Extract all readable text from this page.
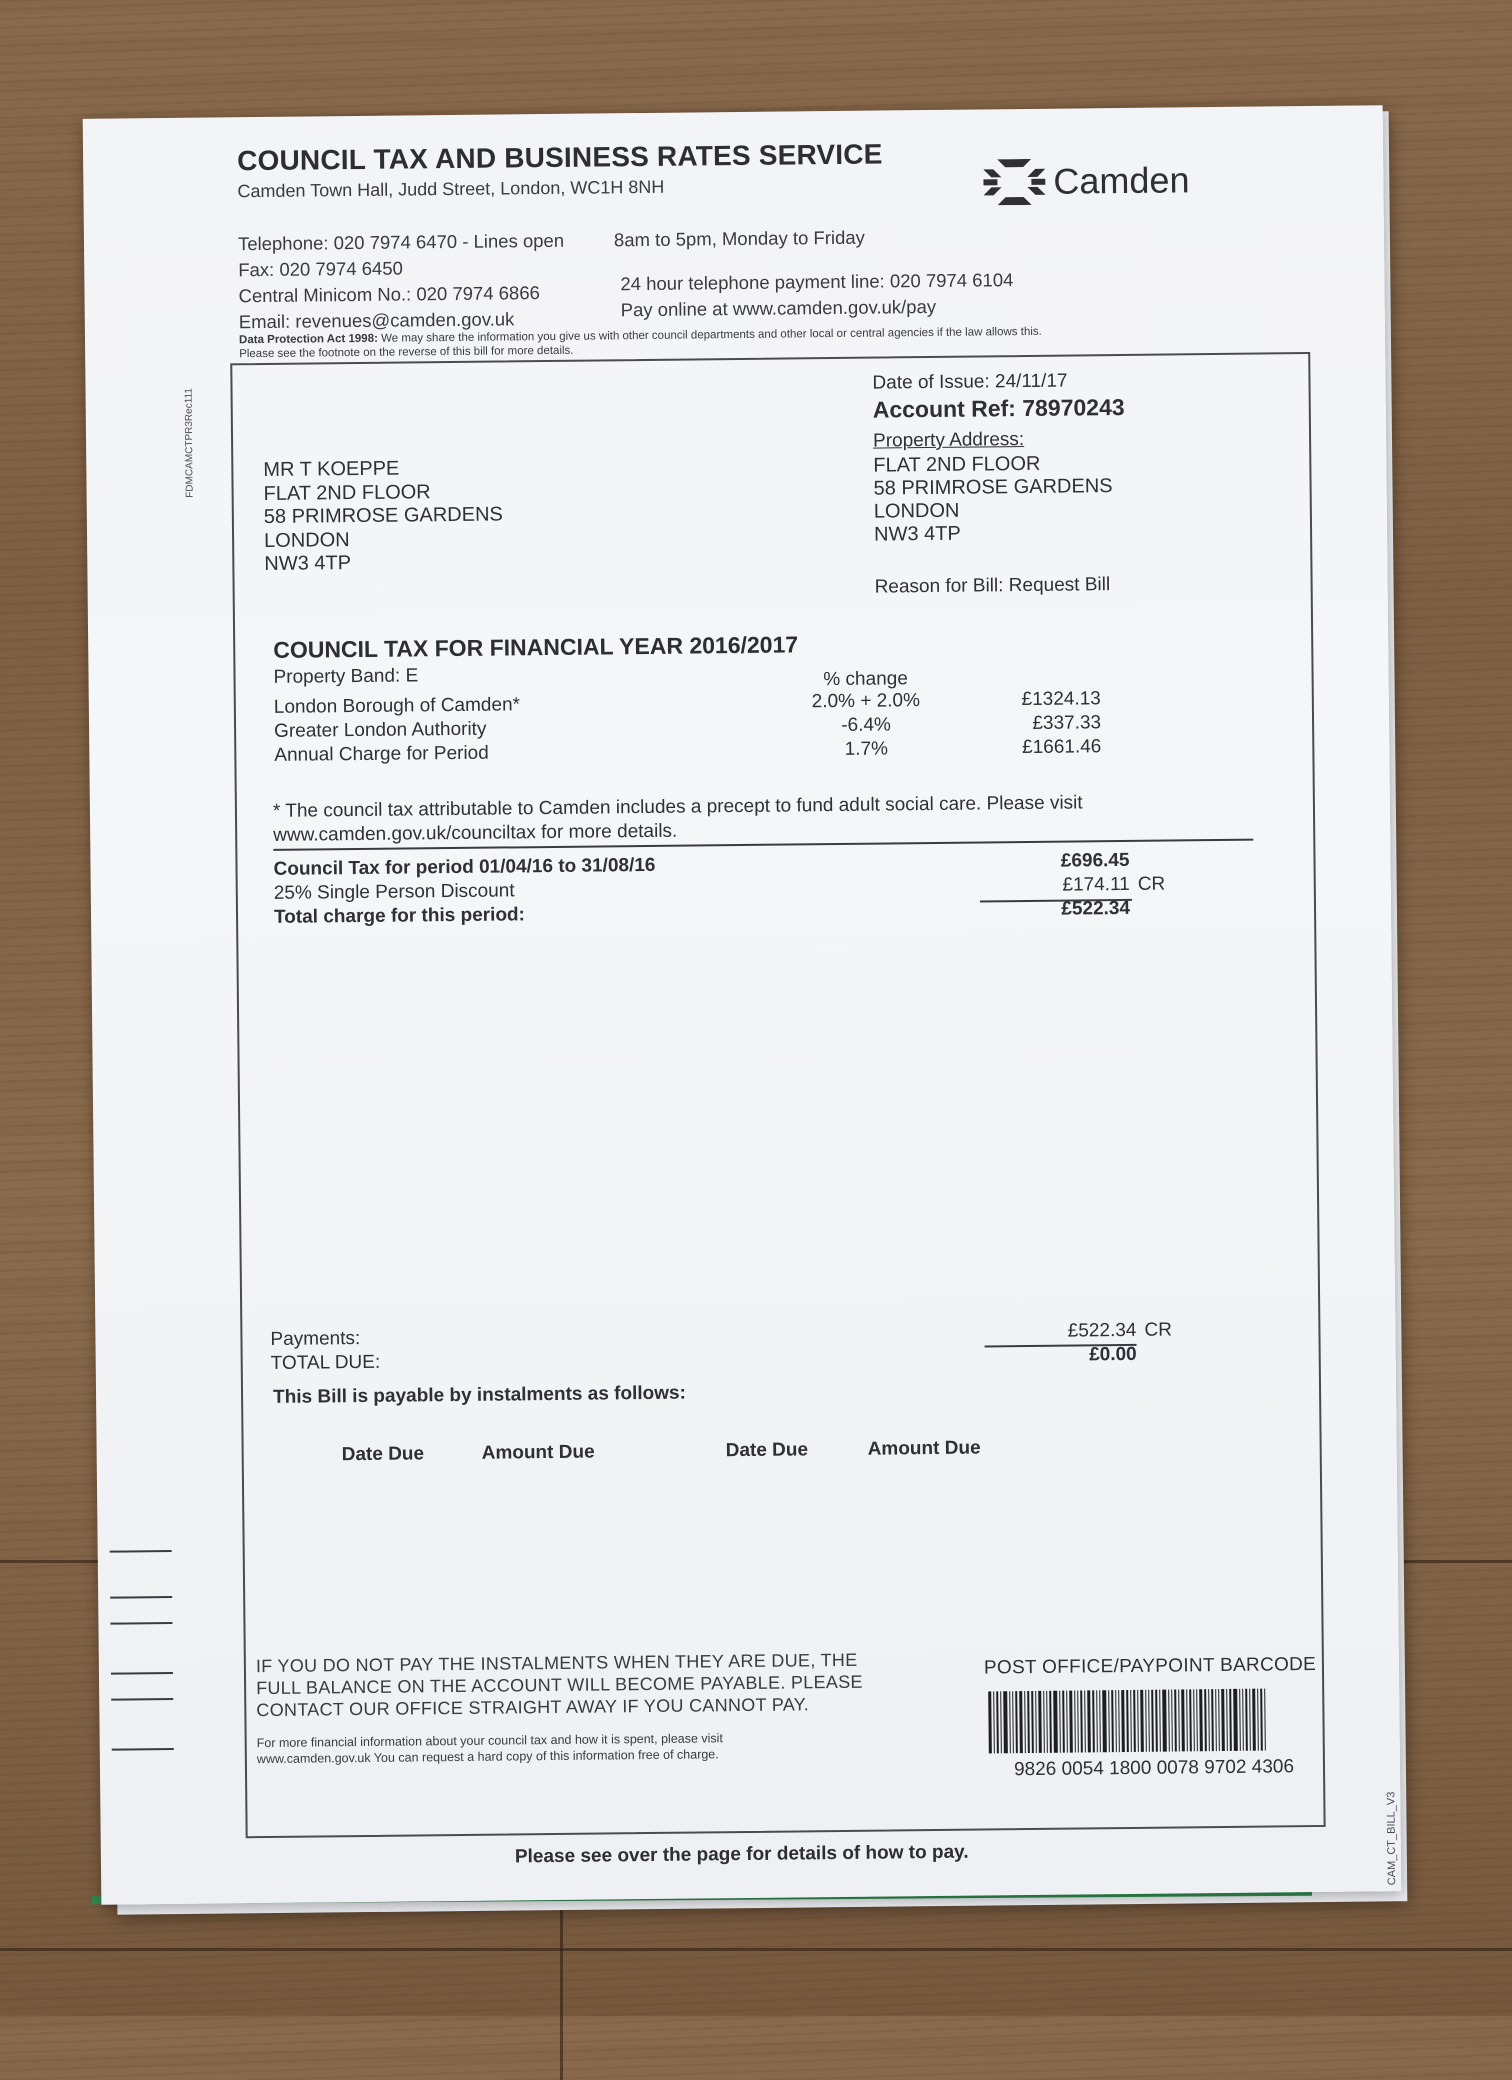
COUNCIL TAX AND BUSINESS RATES SERVICE
Camden Town Hall, Judd Street, London, WC1H 8NH	Camden
Telephone: 020 7974 6470 - Lines open	8am to 5pm, Monday to Friday
Fax: 020 7974 6450
Central Minicom No.: 020 7974 6866	24 hour telephone payment line: 020 7974 6104
Email: revenues@camden.gov.uk
Pay online at www.camden.gov.uk/pay
Data Protection Act 1998: We may share the information you give us with other council departments and other local or central agencies if the law allows this.
Please see the footnote on the reverse of this bill for more details.
FDMCAMCTPR3Rec111
Date of Issue: 24/11/17
Account Ref: 78970243
Property Address:
FLAT 2ND FLOOR
58 PRIMROSE GARDENS
LONDON
NW3 4TP
Reason for Bill: Request Bill
MR T KOEPPE
FLAT 2ND FLOOR
58 PRIMROSE GARDENS
LONDON
NW3 4TP
COUNCIL TAX FOR FINANCIAL YEAR 2016/2017
Property Band: E	% change
London Borough of Camden*	2.0% + 2.0%	£1324.13
Greater London Authority	-6.4%	£337.33
Annual Charge for Period	1.7%	£1661.46
* The council tax attributable to Camden includes a precept to fund adult social care. Please visit
www.camden.gov.uk/counciltax for more details.
Council Tax for period 01/04/16 to 31/08/16	£696.45
25% Single Person Discount	£174.11 CR
Total charge for this period:	£522.34
Payments:	£522.34 CR
TOTAL DUE:	£0.00
This Bill is payable by instalments as follows:
Date Due	Amount Due	Date Due	Amount Due
IF YOU DO NOT PAY THE INSTALMENTS WHEN THEY ARE DUE, THE
FULL BALANCE ON THE ACCOUNT WILL BECOME PAYABLE. PLEASE
CONTACT OUR OFFICE STRAIGHT AWAY IF YOU CANNOT PAY.
For more financial information about your council tax and how it is spent, please visit
www.camden.gov.uk You can request a hard copy of this information free of charge.
POST OFFICE/PAYPOINT BARCODE
9826 0054 1800 0078 9702 4306
CAM_CT_BILL_V3
Please see over the page for details of how to pay.
